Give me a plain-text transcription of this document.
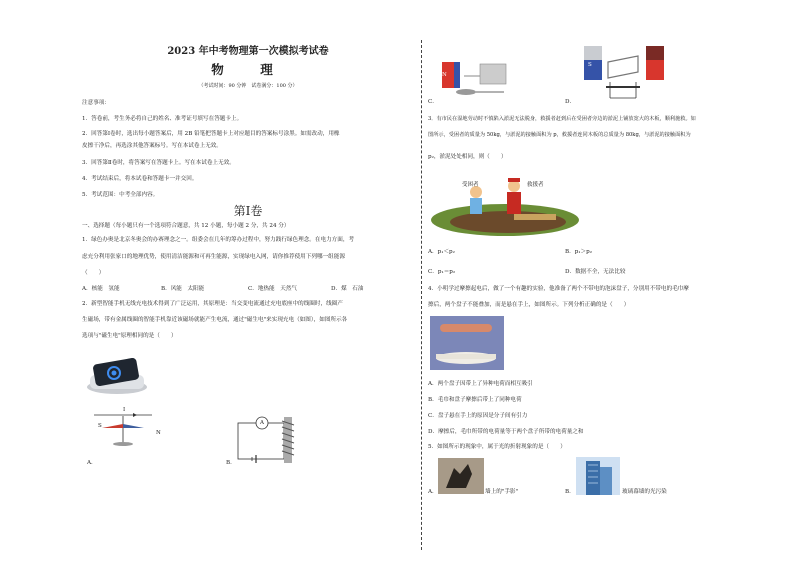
2023 年中考物理第一次模拟考试卷
物　理
（考试时间：90 分钟　试卷满分：100 分）
注意事项：
1．答卷前，考生务必将自己的姓名、准考证号填写在答题卡上。
2．回答第Ⅰ卷时，选出每小题答案后，用 2B 铅笔把答题卡上对应题目的答案标号涂黑。如需改动，用橡
皮擦干净后，再选涂其他答案标号。写在本试卷上无效。
3．回答第Ⅱ卷时，将答案写在答题卡上。写在本试卷上无效。
4．考试结束后，将本试卷和答题卡一并交回。
5．考试范围：中考全部内容。
第Ⅰ卷
一、选择题（每小题只有一个选项符合题意，共 12 小题，每小题 2 分，共 24 分）
1．绿色办奥是北京冬奥会的办赛理念之一。组委会在几年的筹办过程中，努力践行绿色理念。在电力方面，考
虑充分利用张家口的地理优势，使用清洁能源和可再生能源，实现绿电入网，请你推荐使用下列哪一组能源
（　　）
A．核能　氢能	B．风能　太阳能	C．地热能　天然气	D．煤　石油
2．新型智能手机无线充电技术得到了广泛运用，其原理是：当交变电流通过充电底座中的线圈时，线圈产
生磁场，带有金属线圈的智能手机靠近该磁场就能产生电流，通过"磁生电"来实现充电（如图），如图所示各
选项与"磁生电"原理相同的是（　　）
I
S
N
A．
A
B．
N
C．
S
D．
3．有市民在湿地劳动时不慎陷入淤泥无法脱身，救援者赶到后在受困者旁边的淤泥上铺放宽大的木板，顺利施救。如
图所示，受困者的质量为 50kg，与淤泥的接触面积为 p，救援者连同木板的总质量为 80kg，与淤泥的接触面积为
p₂，淤泥处处相同，则（　　）
受困者	救援者
A．p₁＜p₂	B．p₁＞p₂
C．p₁＝p₂	D．数据不全，无法比较
4．小明学过摩擦起电后，做了一个有趣的实验，他准备了两个不带电的泡沫盘子，分别用不带电的毛巾摩
擦后，两个盘子不能叠加，而是悬在手上，如图所示。下列分析正确的是（　　）
A．两个盘子因带上了异种电荷而相互吸引
B．毛巾和盘子摩擦后带上了同种电荷
C．盘子悬在手上的原因是分子间有引力
D．摩擦后，毛巾所带的电荷量等于两个盘子所带的电荷量之和
5．如图所示的现象中，属于光的折射现象的是（　　）
A．	墙上的"手影"	B．	玻璃幕墙的光污染
